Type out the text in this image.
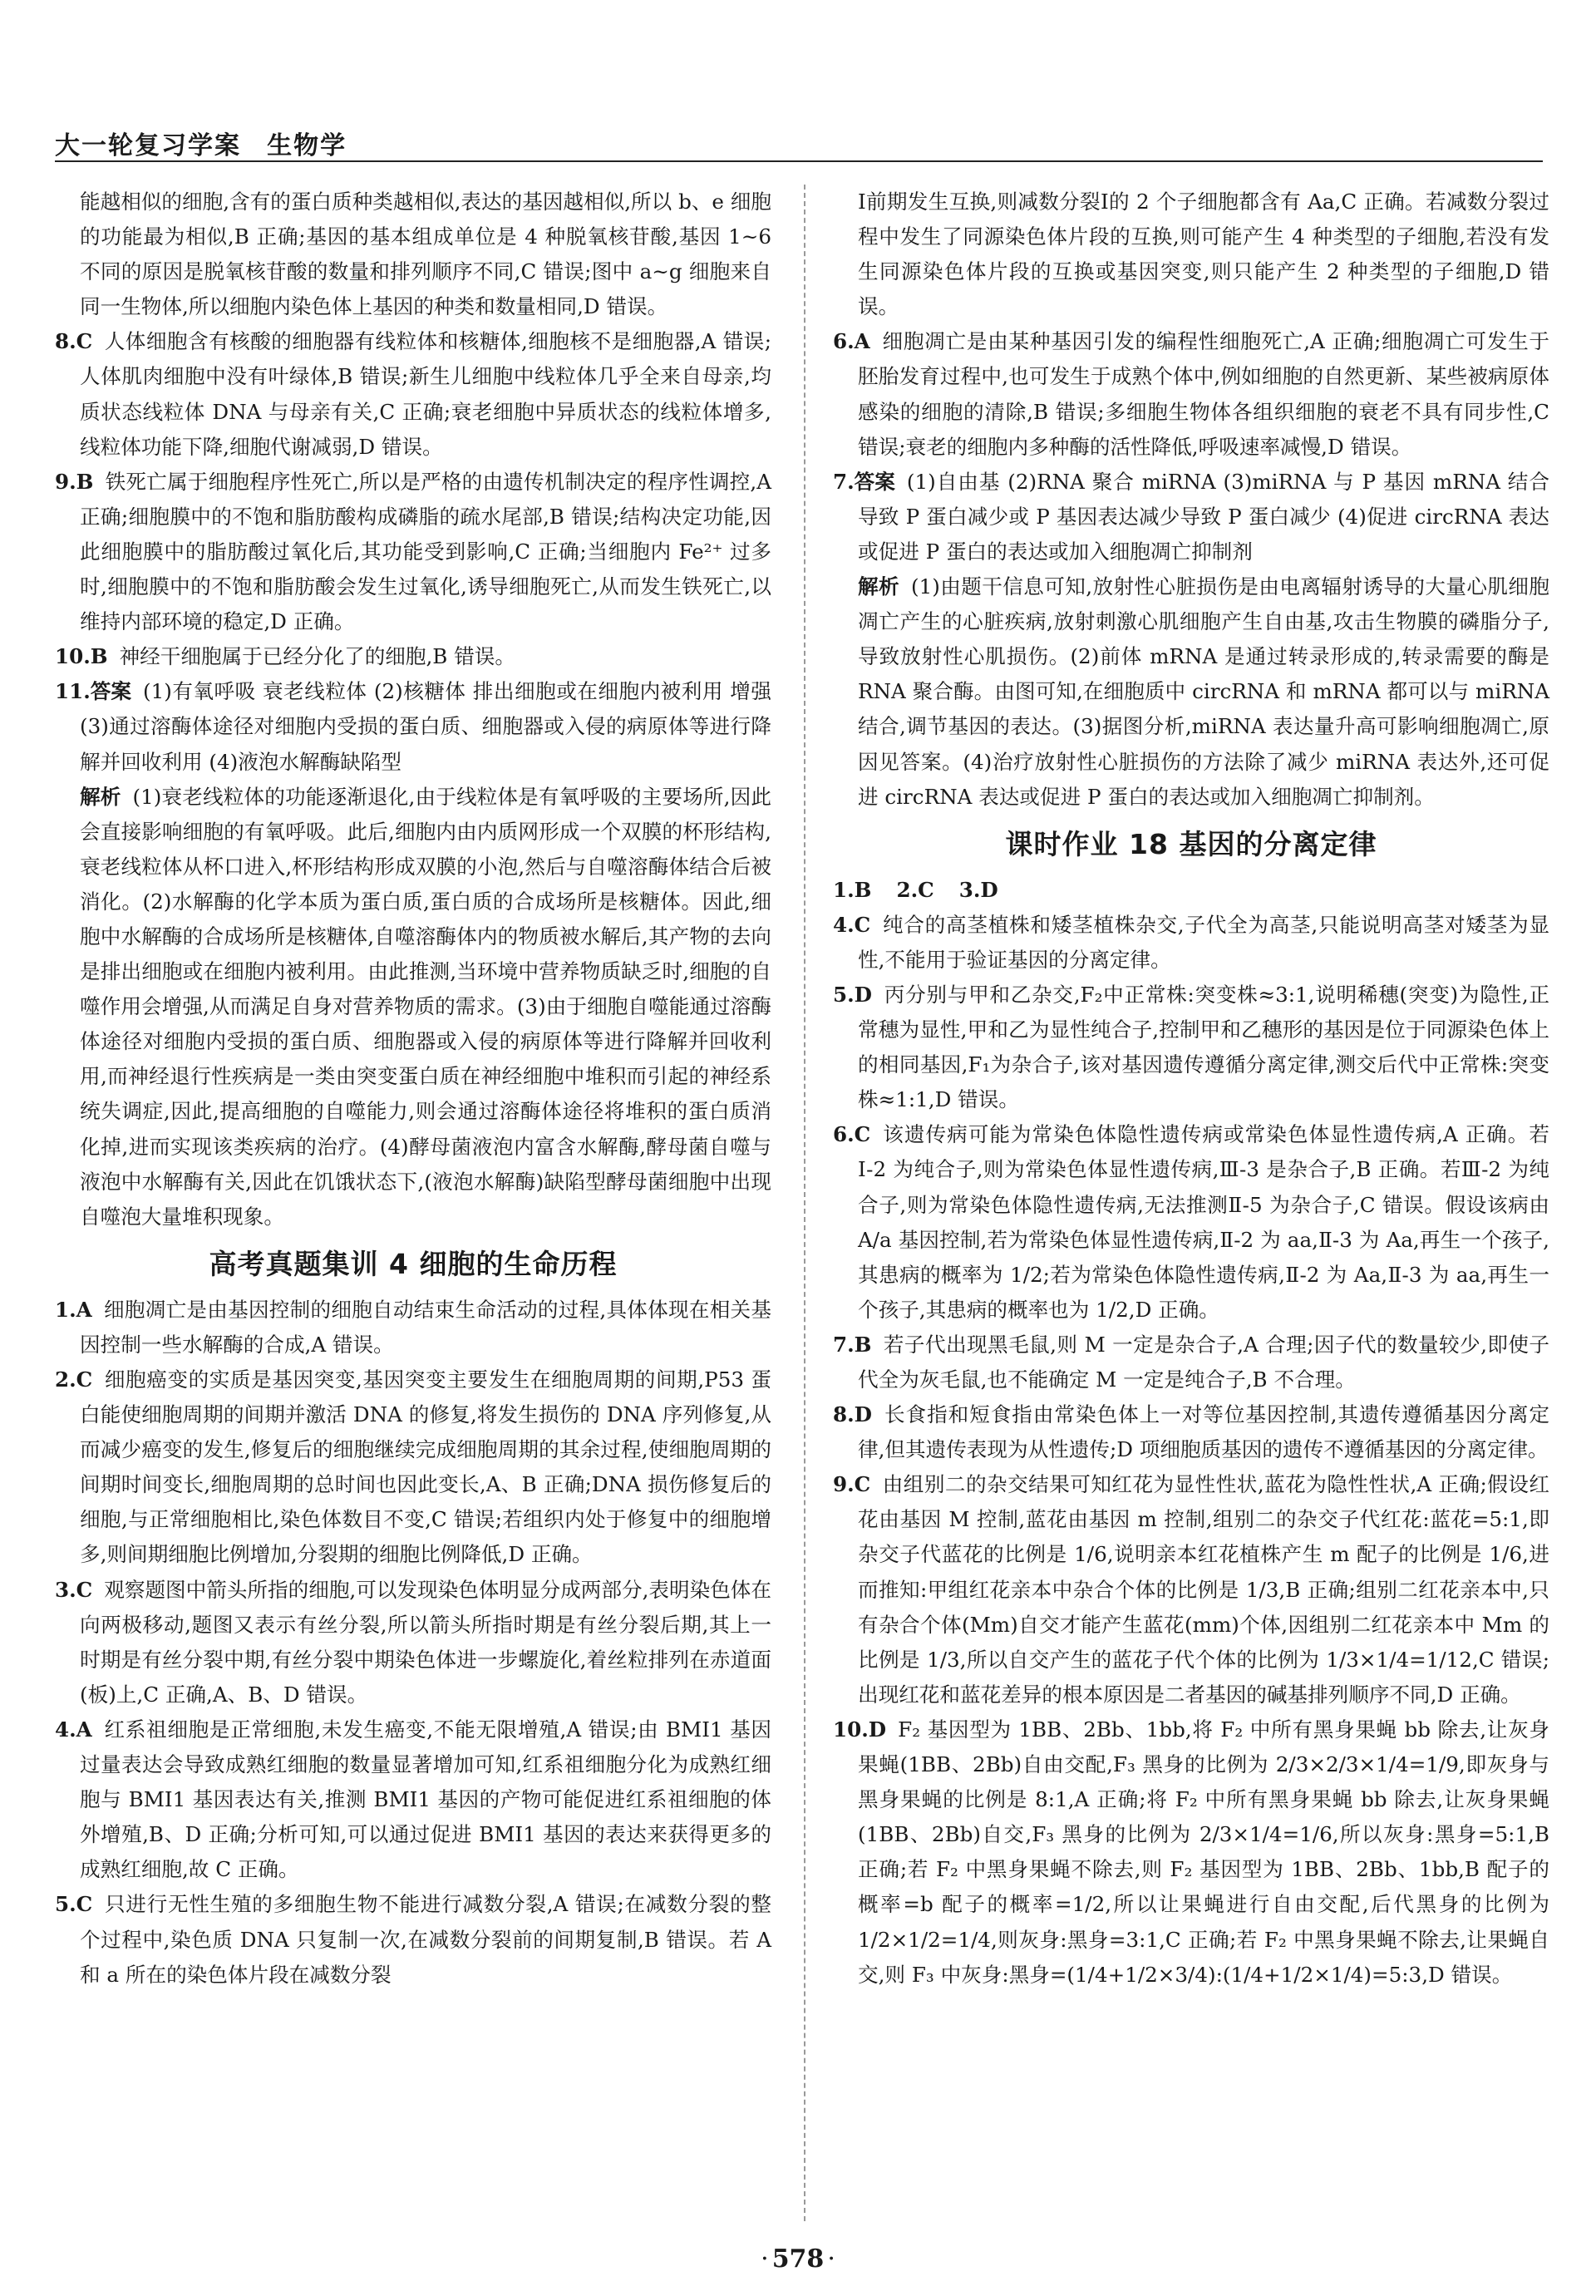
大一轮复习学案 生物学

能越相似的细胞,含有的蛋白质种类越相似,表达的基因越相似,所以 b、e 细胞的功能最为相似,B 正确;基因的基本组成单位是 4 种脱氧核苷酸,基因 1~6 不同的原因是脱氧核苷酸的数量和排列顺序不同,C 错误;图中 a~g 细胞来自同一生物体,所以细胞内染色体上基因的种类和数量相同,D 错误。

8.C 人体细胞含有核酸的细胞器有线粒体和核糖体,细胞核不是细胞器,A 错误;人体肌肉细胞中没有叶绿体,B 错误;新生儿细胞中线粒体几乎全来自母亲,均质状态线粒体 DNA 与母亲有关,C 正确;衰老细胞中异质状态的线粒体增多,线粒体功能下降,细胞代谢减弱,D 错误。

9.B 铁死亡属于细胞程序性死亡,所以是严格的由遗传机制决定的程序性调控,A 正确;细胞膜中的不饱和脂肪酸构成磷脂的疏水尾部,B 错误;结构决定功能,因此细胞膜中的脂肪酸过氧化后,其功能受到影响,C 正确;当细胞内 Fe²⁺ 过多时,细胞膜中的不饱和脂肪酸会发生过氧化,诱导细胞死亡,从而发生铁死亡,以维持内部环境的稳定,D 正确。

10.B 神经干细胞属于已经分化了的细胞,B 错误。

11.答案 (1)有氧呼吸 衰老线粒体 (2)核糖体 排出细胞或在细胞内被利用 增强 (3)通过溶酶体途径对细胞内受损的蛋白质、细胞器或入侵的病原体等进行降解并回收利用 (4)液泡水解酶缺陷型

解析 (1)衰老线粒体的功能逐渐退化,由于线粒体是有氧呼吸的主要场所,因此会直接影响细胞的有氧呼吸。此后,细胞内由内质网形成一个双膜的杯形结构,衰老线粒体从杯口进入,杯形结构形成双膜的小泡,然后与自噬溶酶体结合后被消化。(2)水解酶的化学本质为蛋白质,蛋白质的合成场所是核糖体。因此,细胞中水解酶的合成场所是核糖体,自噬溶酶体内的物质被水解后,其产物的去向是排出细胞或在细胞内被利用。由此推测,当环境中营养物质缺乏时,细胞的自噬作用会增强,从而满足自身对营养物质的需求。(3)由于细胞自噬能通过溶酶体途径对细胞内受损的蛋白质、细胞器或入侵的病原体等进行降解并回收利用,而神经退行性疾病是一类由突变蛋白质在神经细胞中堆积而引起的神经系统失调症,因此,提高细胞的自噬能力,则会通过溶酶体途径将堆积的蛋白质消化掉,进而实现该类疾病的治疗。(4)酵母菌液泡内富含水解酶,酵母菌自噬与液泡中水解酶有关,因此在饥饿状态下,(液泡水解酶)缺陷型酵母菌细胞中出现自噬泡大量堆积现象。

高考真题集训 4 细胞的生命历程

1.A 细胞凋亡是由基因控制的细胞自动结束生命活动的过程,具体体现在相关基因控制一些水解酶的合成,A 错误。

2.C 细胞癌变的实质是基因突变,基因突变主要发生在细胞周期的间期,P53 蛋白能使细胞周期的间期并激活 DNA 的修复,将发生损伤的 DNA 序列修复,从而减少癌变的发生,修复后的细胞继续完成细胞周期的其余过程,使细胞周期的间期时间变长,细胞周期的总时间也因此变长,A、B 正确;DNA 损伤修复后的细胞,与正常细胞相比,染色体数目不变,C 错误;若组织内处于修复中的细胞增多,则间期细胞比例增加,分裂期的细胞比例降低,D 正确。

3.C 观察题图中箭头所指的细胞,可以发现染色体明显分成两部分,表明染色体在向两极移动,题图又表示有丝分裂,所以箭头所指时期是有丝分裂后期,其上一时期是有丝分裂中期,有丝分裂中期染色体进一步螺旋化,着丝粒排列在赤道面(板)上,C 正确,A、B、D 错误。

4.A 红系祖细胞是正常细胞,未发生癌变,不能无限增殖,A 错误;由 BMI1 基因过量表达会导致成熟红细胞的数量显著增加可知,红系祖细胞分化为成熟红细胞与 BMI1 基因表达有关,推测 BMI1 基因的产物可能促进红系祖细胞的体外增殖,B、D 正确;分析可知,可以通过促进 BMI1 基因的表达来获得更多的成熟红细胞,故 C 正确。

5.C 只进行无性生殖的多细胞生物不能进行减数分裂,A 错误;在减数分裂的整个过程中,染色质 DNA 只复制一次,在减数分裂前的间期复制,B 错误。若 A 和 a 所在的染色体片段在减数分裂

Ⅰ前期发生互换,则减数分裂Ⅰ的 2 个子细胞都含有 Aa,C 正确。若减数分裂过程中发生了同源染色体片段的互换,则可能产生 4 种类型的子细胞,若没有发生同源染色体片段的互换或基因突变,则只能产生 2 种类型的子细胞,D 错误。

6.A 细胞凋亡是由某种基因引发的编程性细胞死亡,A 正确;细胞凋亡可发生于胚胎发育过程中,也可发生于成熟个体中,例如细胞的自然更新、某些被病原体感染的细胞的清除,B 错误;多细胞生物体各组织细胞的衰老不具有同步性,C 错误;衰老的细胞内多种酶的活性降低,呼吸速率减慢,D 错误。

7.答案 (1)自由基 (2)RNA 聚合 miRNA (3)miRNA 与 P 基因 mRNA 结合导致 P 蛋白减少或 P 基因表达减少导致 P 蛋白减少 (4)促进 circRNA 表达或促进 P 蛋白的表达或加入细胞凋亡抑制剂

解析 (1)由题干信息可知,放射性心脏损伤是由电离辐射诱导的大量心肌细胞凋亡产生的心脏疾病,放射刺激心肌细胞产生自由基,攻击生物膜的磷脂分子,导致放射性心肌损伤。(2)前体 mRNA 是通过转录形成的,转录需要的酶是 RNA 聚合酶。由图可知,在细胞质中 circRNA 和 mRNA 都可以与 miRNA 结合,调节基因的表达。(3)据图分析,miRNA 表达量升高可影响细胞凋亡,原因见答案。(4)治疗放射性心脏损伤的方法除了减少 miRNA 表达外,还可促进 circRNA 表达或促进 P 蛋白的表达或加入细胞凋亡抑制剂。

课时作业 18 基因的分离定律

1.B 2.C 3.D

4.C 纯合的高茎植株和矮茎植株杂交,子代全为高茎,只能说明高茎对矮茎为显性,不能用于验证基因的分离定律。

5.D 丙分别与甲和乙杂交,F₂中正常株:突变株≈3:1,说明稀穗(突变)为隐性,正常穗为显性,甲和乙为显性纯合子,控制甲和乙穗形的基因是位于同源染色体上的相同基因,F₁为杂合子,该对基因遗传遵循分离定律,测交后代中正常株:突变株≈1:1,D 错误。

6.C 该遗传病可能为常染色体隐性遗传病或常染色体显性遗传病,A 正确。若Ⅰ-2 为纯合子,则为常染色体显性遗传病,Ⅲ-3 是杂合子,B 正确。若Ⅲ-2 为纯合子,则为常染色体隐性遗传病,无法推测Ⅱ-5 为杂合子,C 错误。假设该病由 A/a 基因控制,若为常染色体显性遗传病,Ⅱ-2 为 aa,Ⅱ-3 为 Aa,再生一个孩子,其患病的概率为 1/2;若为常染色体隐性遗传病,Ⅱ-2 为 Aa,Ⅱ-3 为 aa,再生一个孩子,其患病的概率也为 1/2,D 正确。

7.B 若子代出现黑毛鼠,则 M 一定是杂合子,A 合理;因子代的数量较少,即使子代全为灰毛鼠,也不能确定 M 一定是纯合子,B 不合理。

8.D 长食指和短食指由常染色体上一对等位基因控制,其遗传遵循基因分离定律,但其遗传表现为从性遗传;D 项细胞质基因的遗传不遵循基因的分离定律。

9.C 由组别二的杂交结果可知红花为显性性状,蓝花为隐性性状,A 正确;假设红花由基因 M 控制,蓝花由基因 m 控制,组别二的杂交子代红花:蓝花=5:1,即杂交子代蓝花的比例是 1/6,说明亲本红花植株产生 m 配子的比例是 1/6,进而推知:甲组红花亲本中杂合个体的比例是 1/3,B 正确;组别二红花亲本中,只有杂合个体(Mm)自交才能产生蓝花(mm)个体,因组别二红花亲本中 Mm 的比例是 1/3,所以自交产生的蓝花子代个体的比例为 1/3×1/4=1/12,C 错误;出现红花和蓝花差异的根本原因是二者基因的碱基排列顺序不同,D 正确。

10.D F₂ 基因型为 1BB、2Bb、1bb,将 F₂ 中所有黑身果蝇 bb 除去,让灰身果蝇(1BB、2Bb)自由交配,F₃ 黑身的比例为 2/3×2/3×1/4=1/9,即灰身与黑身果蝇的比例是 8:1,A 正确;将 F₂ 中所有黑身果蝇 bb 除去,让灰身果蝇(1BB、2Bb)自交,F₃ 黑身的比例为 2/3×1/4=1/6,所以灰身:黑身=5:1,B 正确;若 F₂ 中黑身果蝇不除去,则 F₂ 基因型为 1BB、2Bb、1bb,B 配子的概率=b 配子的概率=1/2,所以让果蝇进行自由交配,后代黑身的比例为 1/2×1/2=1/4,则灰身:黑身=3:1,C 正确;若 F₂ 中黑身果蝇不除去,让果蝇自交,则 F₃ 中灰身:黑身=(1/4+1/2×3/4):(1/4+1/2×1/4)=5:3,D 错误。

· 578 ·
